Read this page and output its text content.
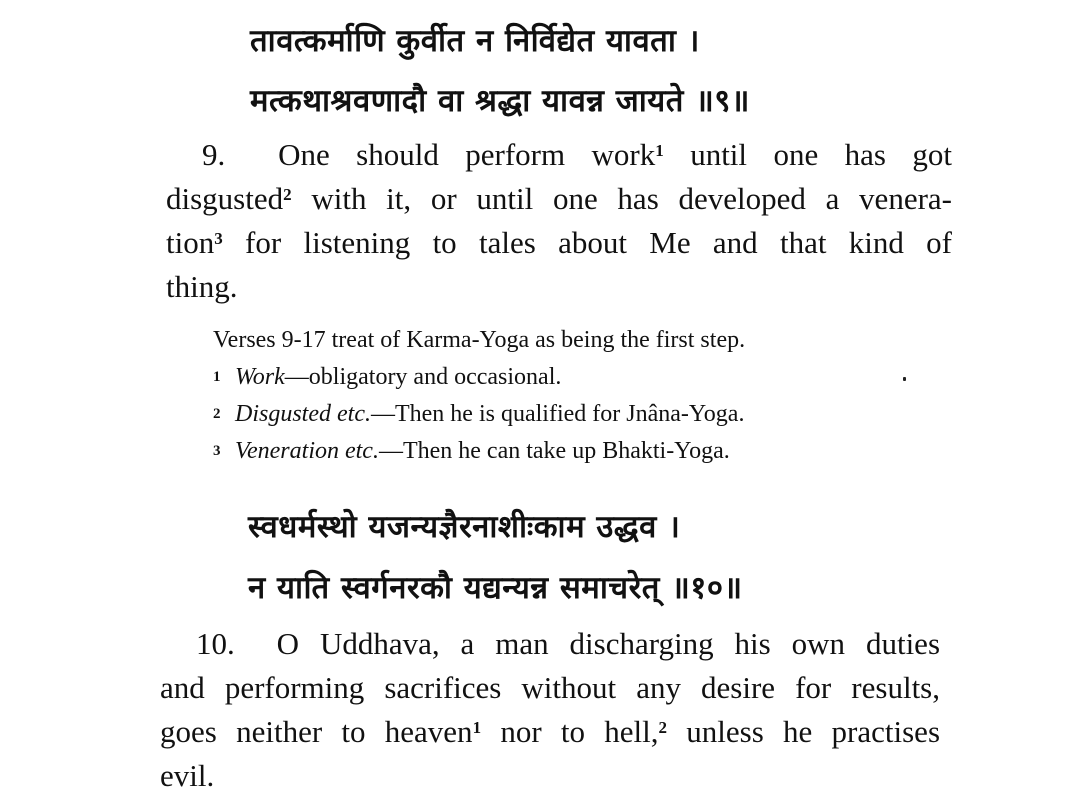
तावत्कर्माणि कुर्वीत न निर्विद्येत यावता ।
मत्कथाश्रवणादौ वा श्रद्धा यावन्न जायते ॥९॥
9. One should perform work$^1$ until one has got
disgusted$^2$ with it, or until one has developed a venera-
tion$^3$ for listening to tales about Me and that kind of
thing.
Verses 9-17 treat of Karma-Yoga as being the first step.
1 Work—obligatory and occasional.
2 Disgusted etc.—Then he is qualified for Jnâna-Yoga.
3 Veneration etc.—Then he can take up Bhakti-Yoga.
स्वधर्मस्थो यजन्यज्ञैरनाशीःकाम उद्धव ।
न याति स्वर्गनरकौ यद्यन्यन्न समाचरेत् ॥१०॥
10. O Uddhava, a man discharging his own duties
and performing sacrifices without any desire for results,
goes neither to heaven$^1$ nor to hell,$^2$ unless he practises
evil.
